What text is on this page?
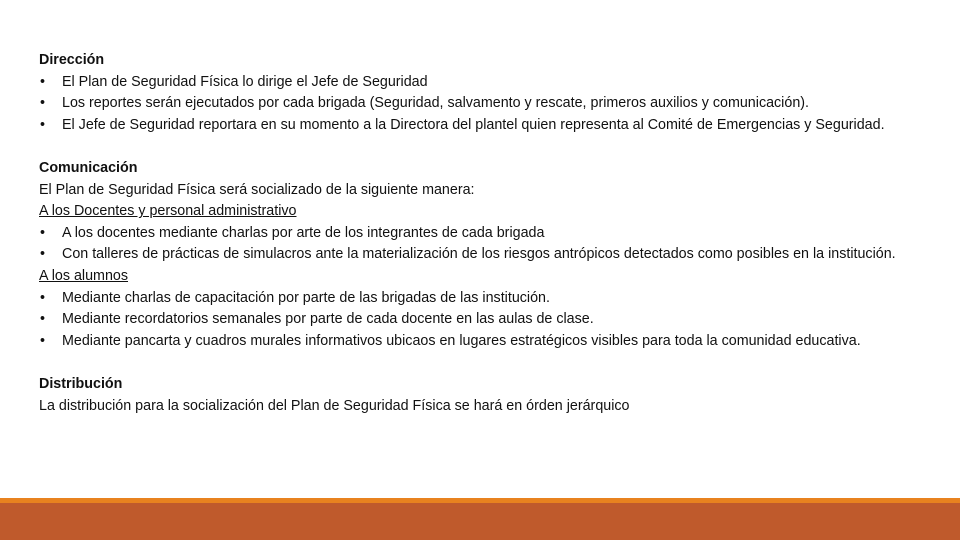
Dirección
• El Plan de Seguridad Física lo dirige el Jefe de Seguridad
• Los reportes serán ejecutados por cada brigada (Seguridad, salvamento y rescate, primeros auxilios y comunicación).
• El Jefe de Seguridad reportara en su momento a la Directora del plantel quien representa al Comité de Emergencias y Seguridad.
Comunicación
El Plan de Seguridad Física será socializado de la siguiente manera:
A los Docentes y personal administrativo
• A los docentes mediante charlas por arte de los integrantes de cada brigada
• Con talleres de prácticas de simulacros ante la materialización de los riesgos antrópicos detectados como posibles en la institución.
A los alumnos
• Mediante charlas de capacitación por parte de las brigadas de las institución.
• Mediante recordatorios semanales por parte de cada docente en las aulas de clase.
• Mediante pancarta y cuadros murales informativos ubicaos en lugares estratégicos visibles para toda la comunidad educativa.
Distribución
La distribución para la socialización del Plan de Seguridad Física se hará en órden jerárquico
